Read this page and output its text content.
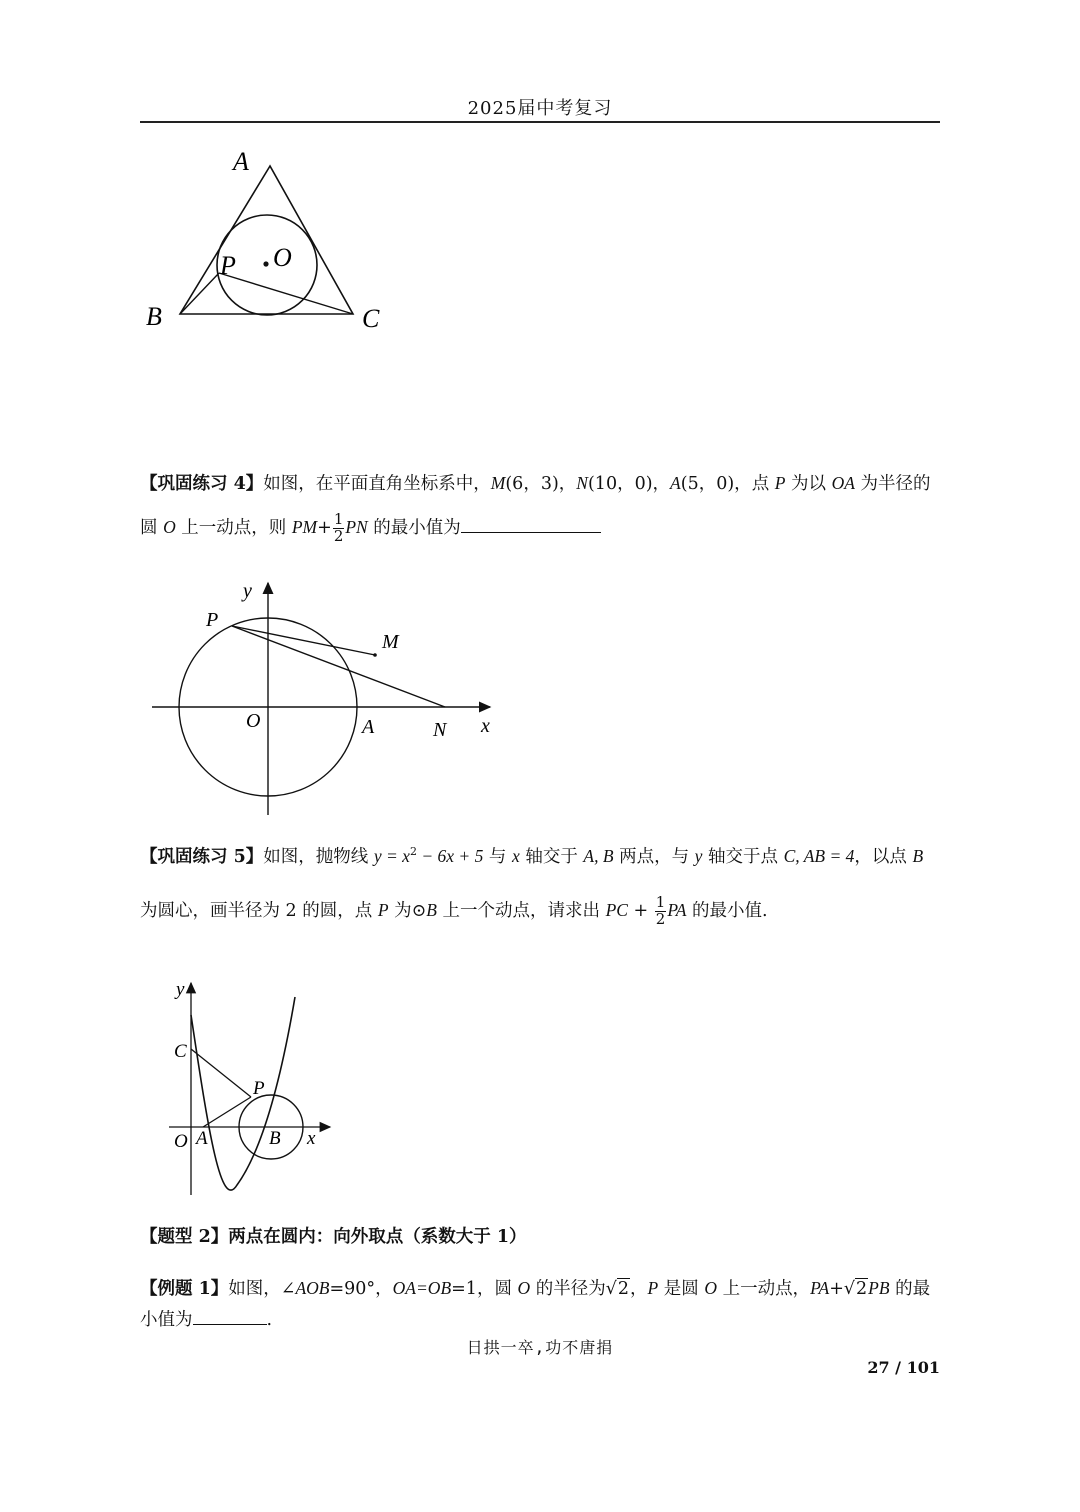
2025届中考复习
A
B	C
P O
【巩固练习 4】如图，在平面直角坐标系中，M(6，3)，N(10，0)，A(5，0)，点 P 为以 OA 为半径的
圆 O 上一动点，则 $PM+ \frac{1}{2}$ PN 的最小值为
y
x
P
M
O	A	N
【巩固练习 5】如图，抛物线 $y = x^2 - 6x + 5$ 与 x 轴交于 A, B 两点，与 y 轴交于点 C, AB = 4，以点 B
为圆心，画半径为 2 的圆，点 P 为⊙B 上一个动点，请求出 PC + $\frac{1}{2}$ PA 的最小值.
y
C
P
O A	B x
【题型 2】两点在圆内：向外取点（系数大于 1）
【例题 1】如图，∠AOB=90°，OA=OB=1，圆 O 的半径为√2，P 是圆 O 上一动点，PA+√2PB 的最
小值为	.
日拱一卒,功不唐捐
27 / 101
